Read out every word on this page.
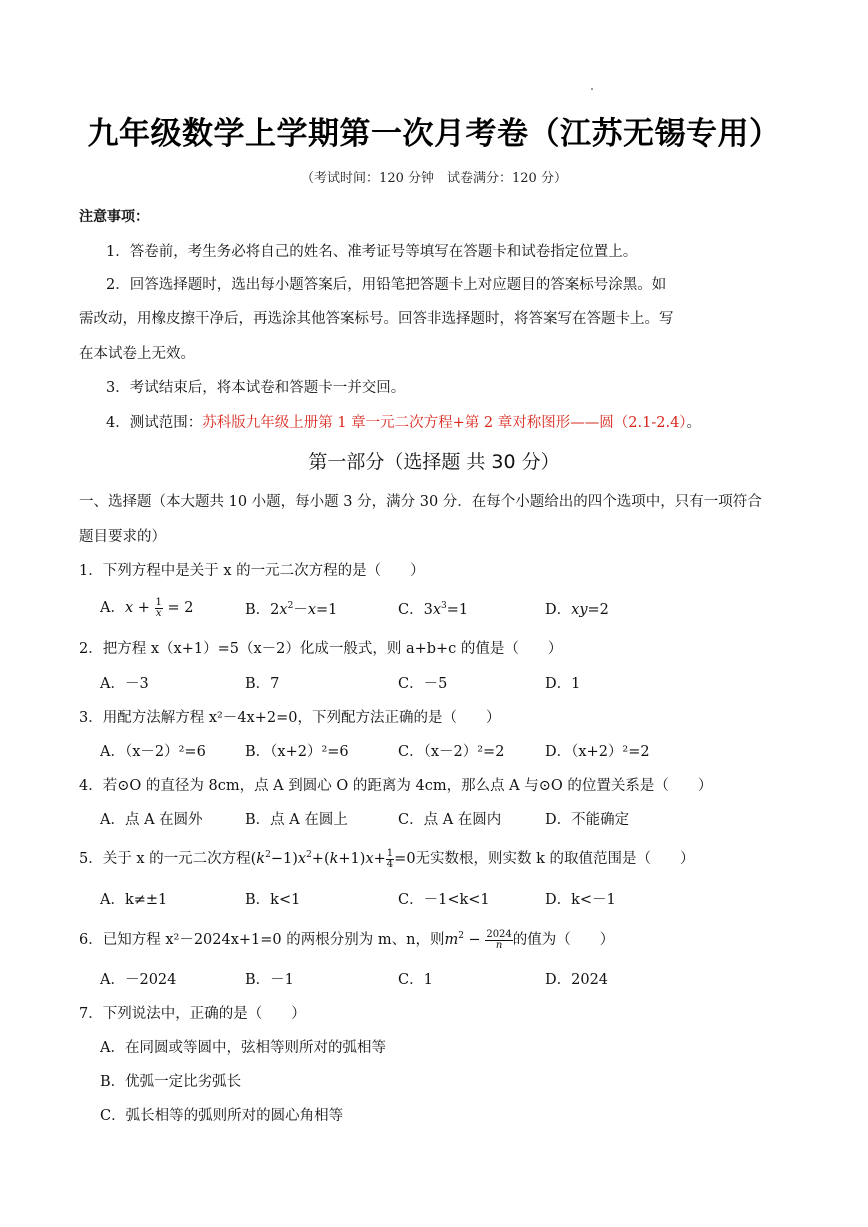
九年级数学上学期第一次月考卷（江苏无锡专用）
（考试时间：120 分钟　试卷满分：120 分）
注意事项：
1．答卷前，考生务必将自己的姓名、准考证号等填写在答题卡和试卷指定位置上。
2．回答选择题时，选出每小题答案后，用铅笔把答题卡上对应题目的答案标号涂黑。如
需改动，用橡皮擦干净后，再选涂其他答案标号。回答非选择题时，将答案写在答题卡上。写
在本试卷上无效。
3．考试结束后，将本试卷和答题卡一并交回。
4．测试范围：苏科版九年级上册第 1 章一元二次方程+第 2 章对称图形——圆（2.1-2.4）。
第一部分（选择题 共 30 分）
一、选择题（本大题共 10 小题，每小题 3 分，满分 30 分．在每个小题给出的四个选项中，只有一项符合
题目要求的）
1．下列方程中是关于 x 的一元二次方程的是（　　）
A．$x + \frac{1}{x} = 2$	B．$2x^2-x=1$	C．$3x^3=1$	D．xy=2
2．把方程 x（x+1）=5（x－2）化成一般式，则 a+b+c 的值是（　　）
A．－3	B．7	C．－5	D．1
3．用配方法解方程 x²－4x+2=0，下列配方法正确的是（　　）
A．（x－2）²=6	B．（x+2）²=6	C．（x－2）²=2	D．（x+2）²=2
4．若⊙O 的直径为 8cm，点 A 到圆心 O 的距离为 4cm，那么点 A 与⊙O 的位置关系是（　　）
A．点 A 在圆外	B．点 A 在圆上	C．点 A 在圆内	D．不能确定
5．关于 x 的一元二次方程$(k^2-1)x^2+(k+1)x+ \frac{1}{4} =0$无实数根，则实数 k 的取值范围是（　　）
A．k≠±1	B．k<1	C．－1<k<1	D．k<－1
6．已知方程 x²－2024x+1=0 的两根分别为 m、n，则$m^2 - \frac{2024}{n}$ 的值为（　　）
A．－2024	B．－1	C．1	D．2024
7．下列说法中，正确的是（　　）
A．在同圆或等圆中，弦相等则所对的弧相等
B．优弧一定比劣弧长
C．弧长相等的弧则所对的圆心角相等
